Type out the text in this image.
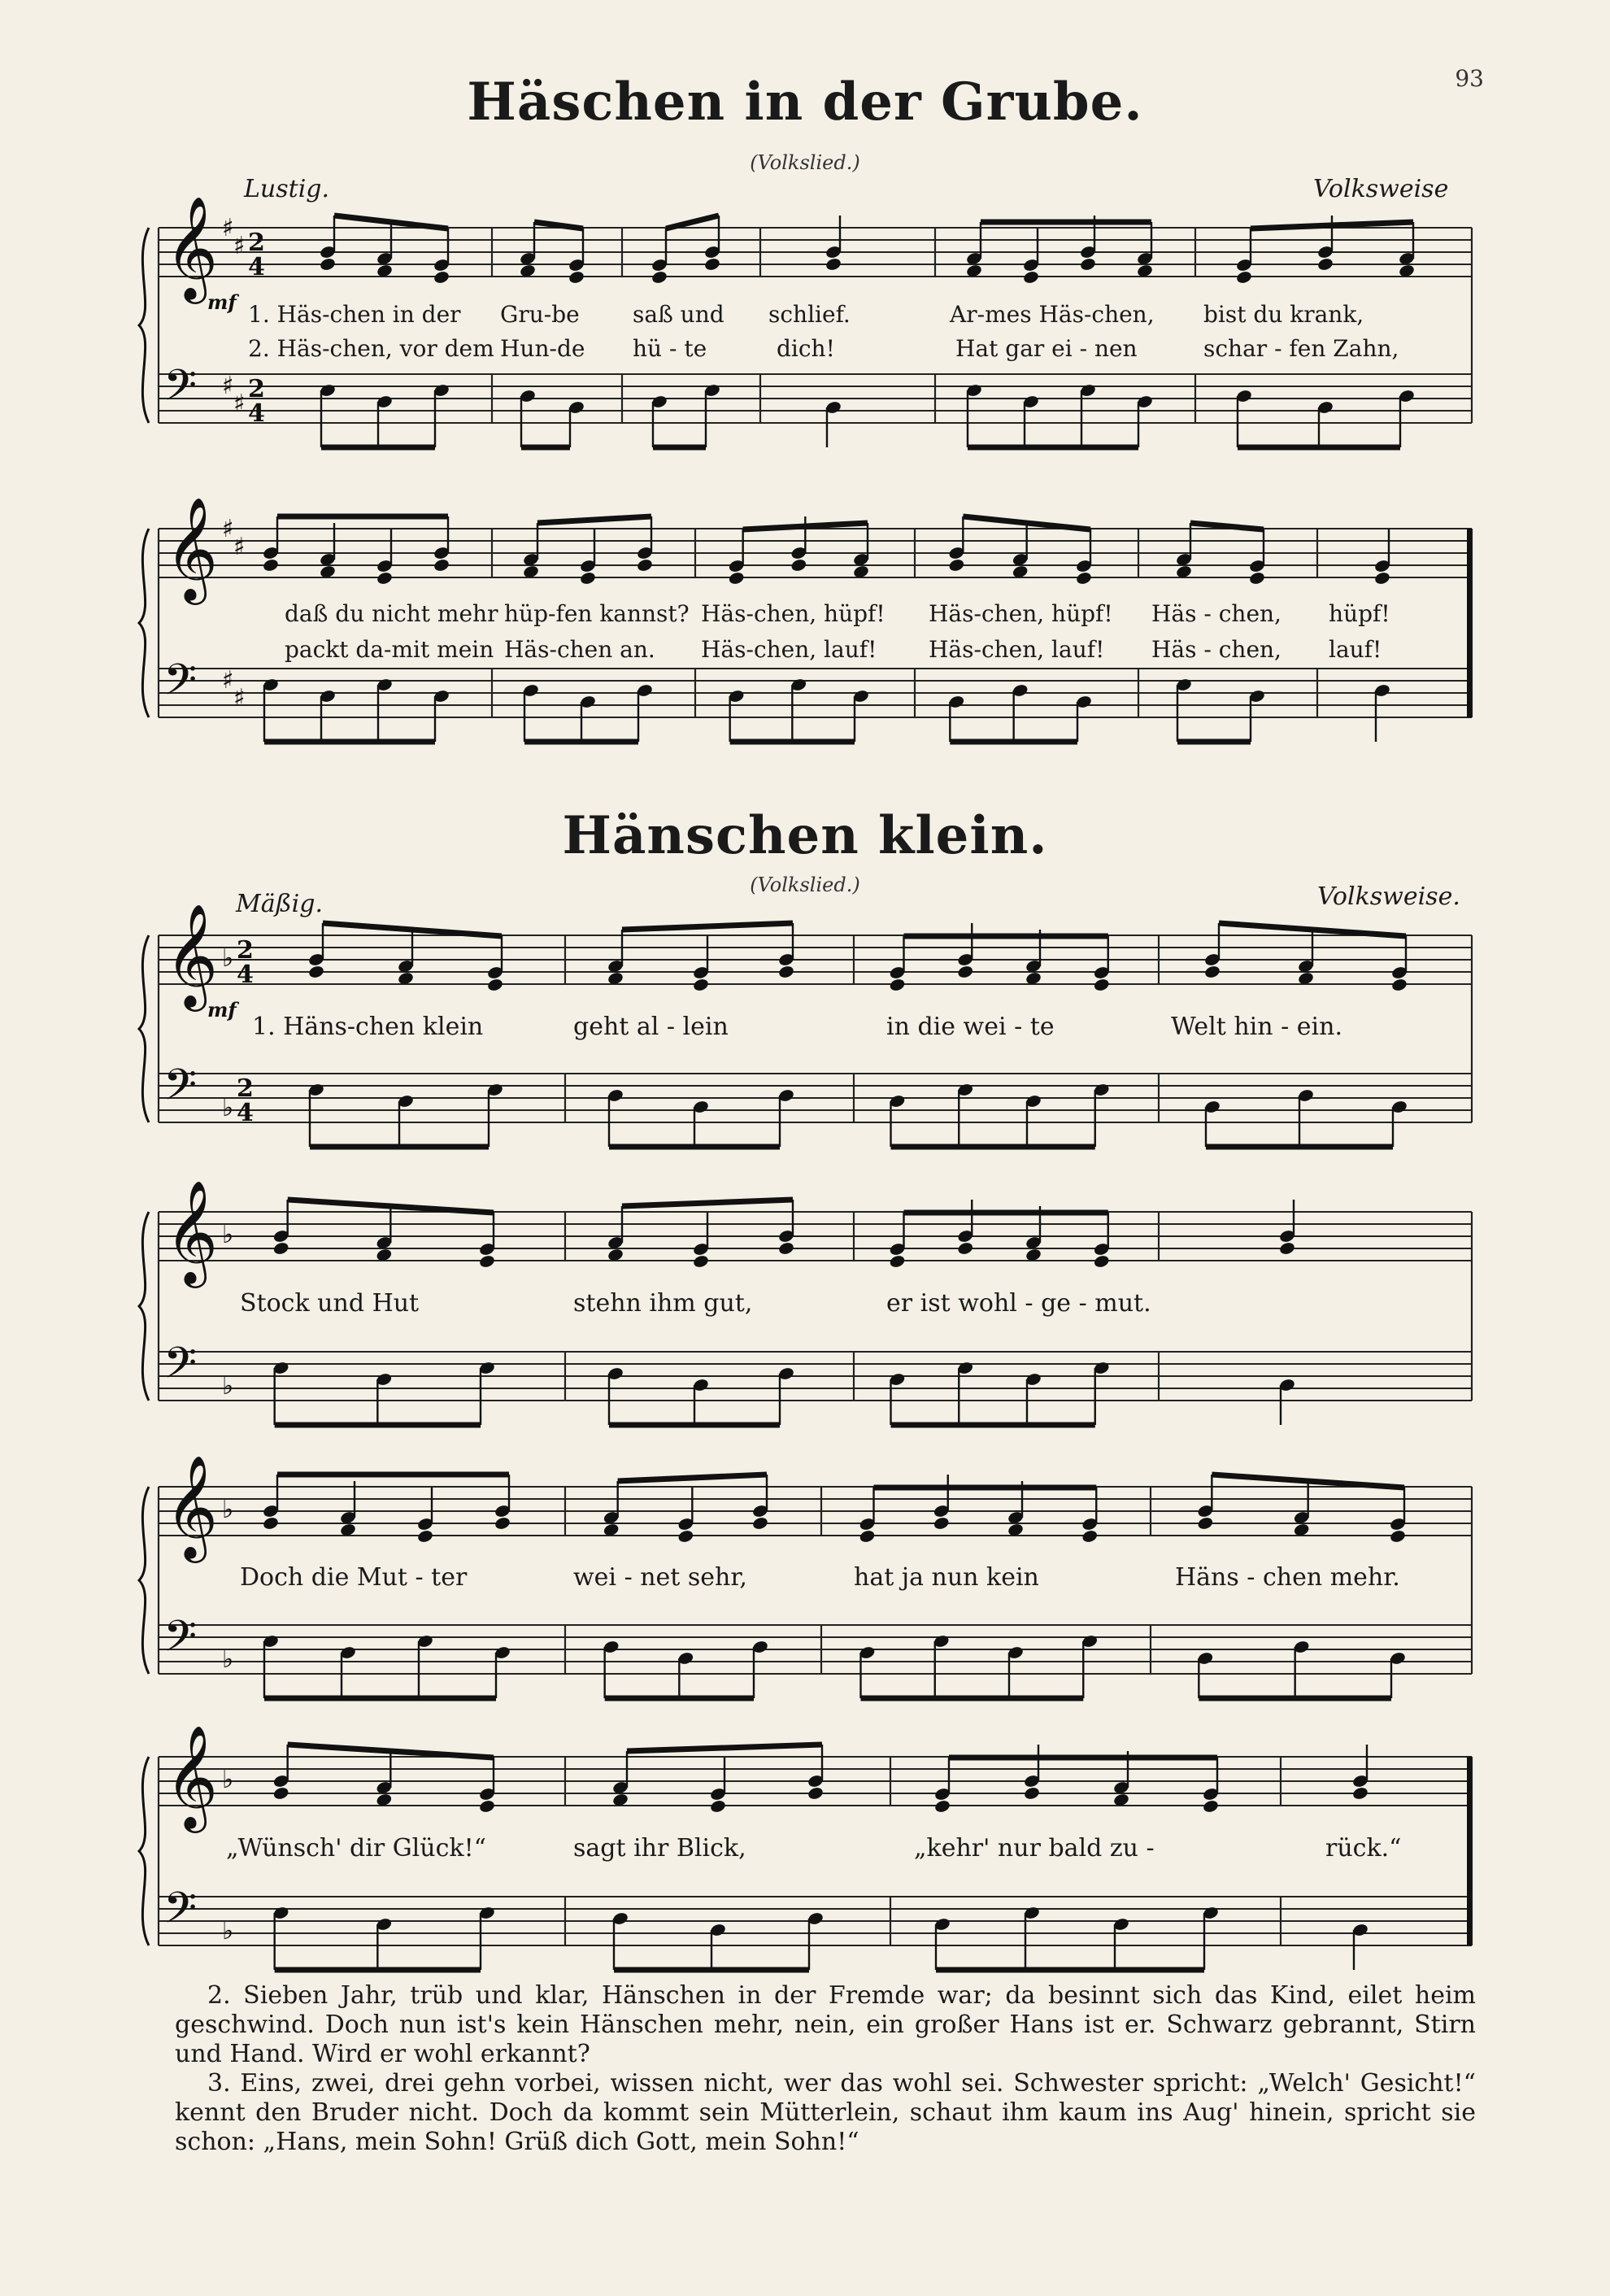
93
Häschen in der Grube.
(Volkslied.)
Lustig.	Volksweise
𝄞
𝄢
♯
♯
♯
♯
2
4
2
4
mf 1. Häs-chen in der Gru-be saß und schlief.	Ar-mes Häs-chen, bist du krank,
2. Häs-chen, vor dem Hun-de hü - te	dich!	Hat gar ei - nen	schar - fen Zahn,
𝄞
𝄢
♯
♯
♯
♯
daß du nicht mehr hüp-fen kannst? Häs-chen, hüpf! Häs-chen, hüpf! Häs - chen, hüpf!
packt da-mit mein Häs-chen an. Häs-chen, lauf! Häs-chen, lauf! Häs - chen, lauf!
Hänschen klein.
(Volkslied.)
Mäßig.	Volksweise.
𝄞
𝄢
♭
♭
2
4
2
4
mf
1. Häns-chen klein	geht al - lein	in die wei - te	Welt hin - ein.
𝄞
𝄢
♭
♭
Stock und Hut	stehn ihm gut,	er ist wohl - ge - mut.
𝄞
𝄢
♭
♭
Doch die Mut - ter	wei - net sehr,	hat ja nun kein	Häns - chen mehr.
𝄞
𝄢
♭
♭
„Wünsch' dir Glück!“	sagt ihr Blick,	„kehr' nur bald zu -	rück.“

2. Sieben Jahr, trüb und klar, Hänschen in der Fremde war; da besinnt sich das Kind, eilet heim geschwind. Doch nun ist's kein Hänschen mehr, nein, ein großer Hans ist er. Schwarz gebrannt, Stirn und Hand. Wird er wohl erkannt?

3. Eins, zwei, drei gehn vorbei, wissen nicht, wer das wohl sei. Schwester spricht: „Welch' Gesicht!“ kennt den Bruder nicht. Doch da kommt sein Mütterlein, schaut ihm kaum ins Aug' hinein, spricht sie schon: „Hans, mein Sohn! Grüß dich Gott, mein Sohn!“
